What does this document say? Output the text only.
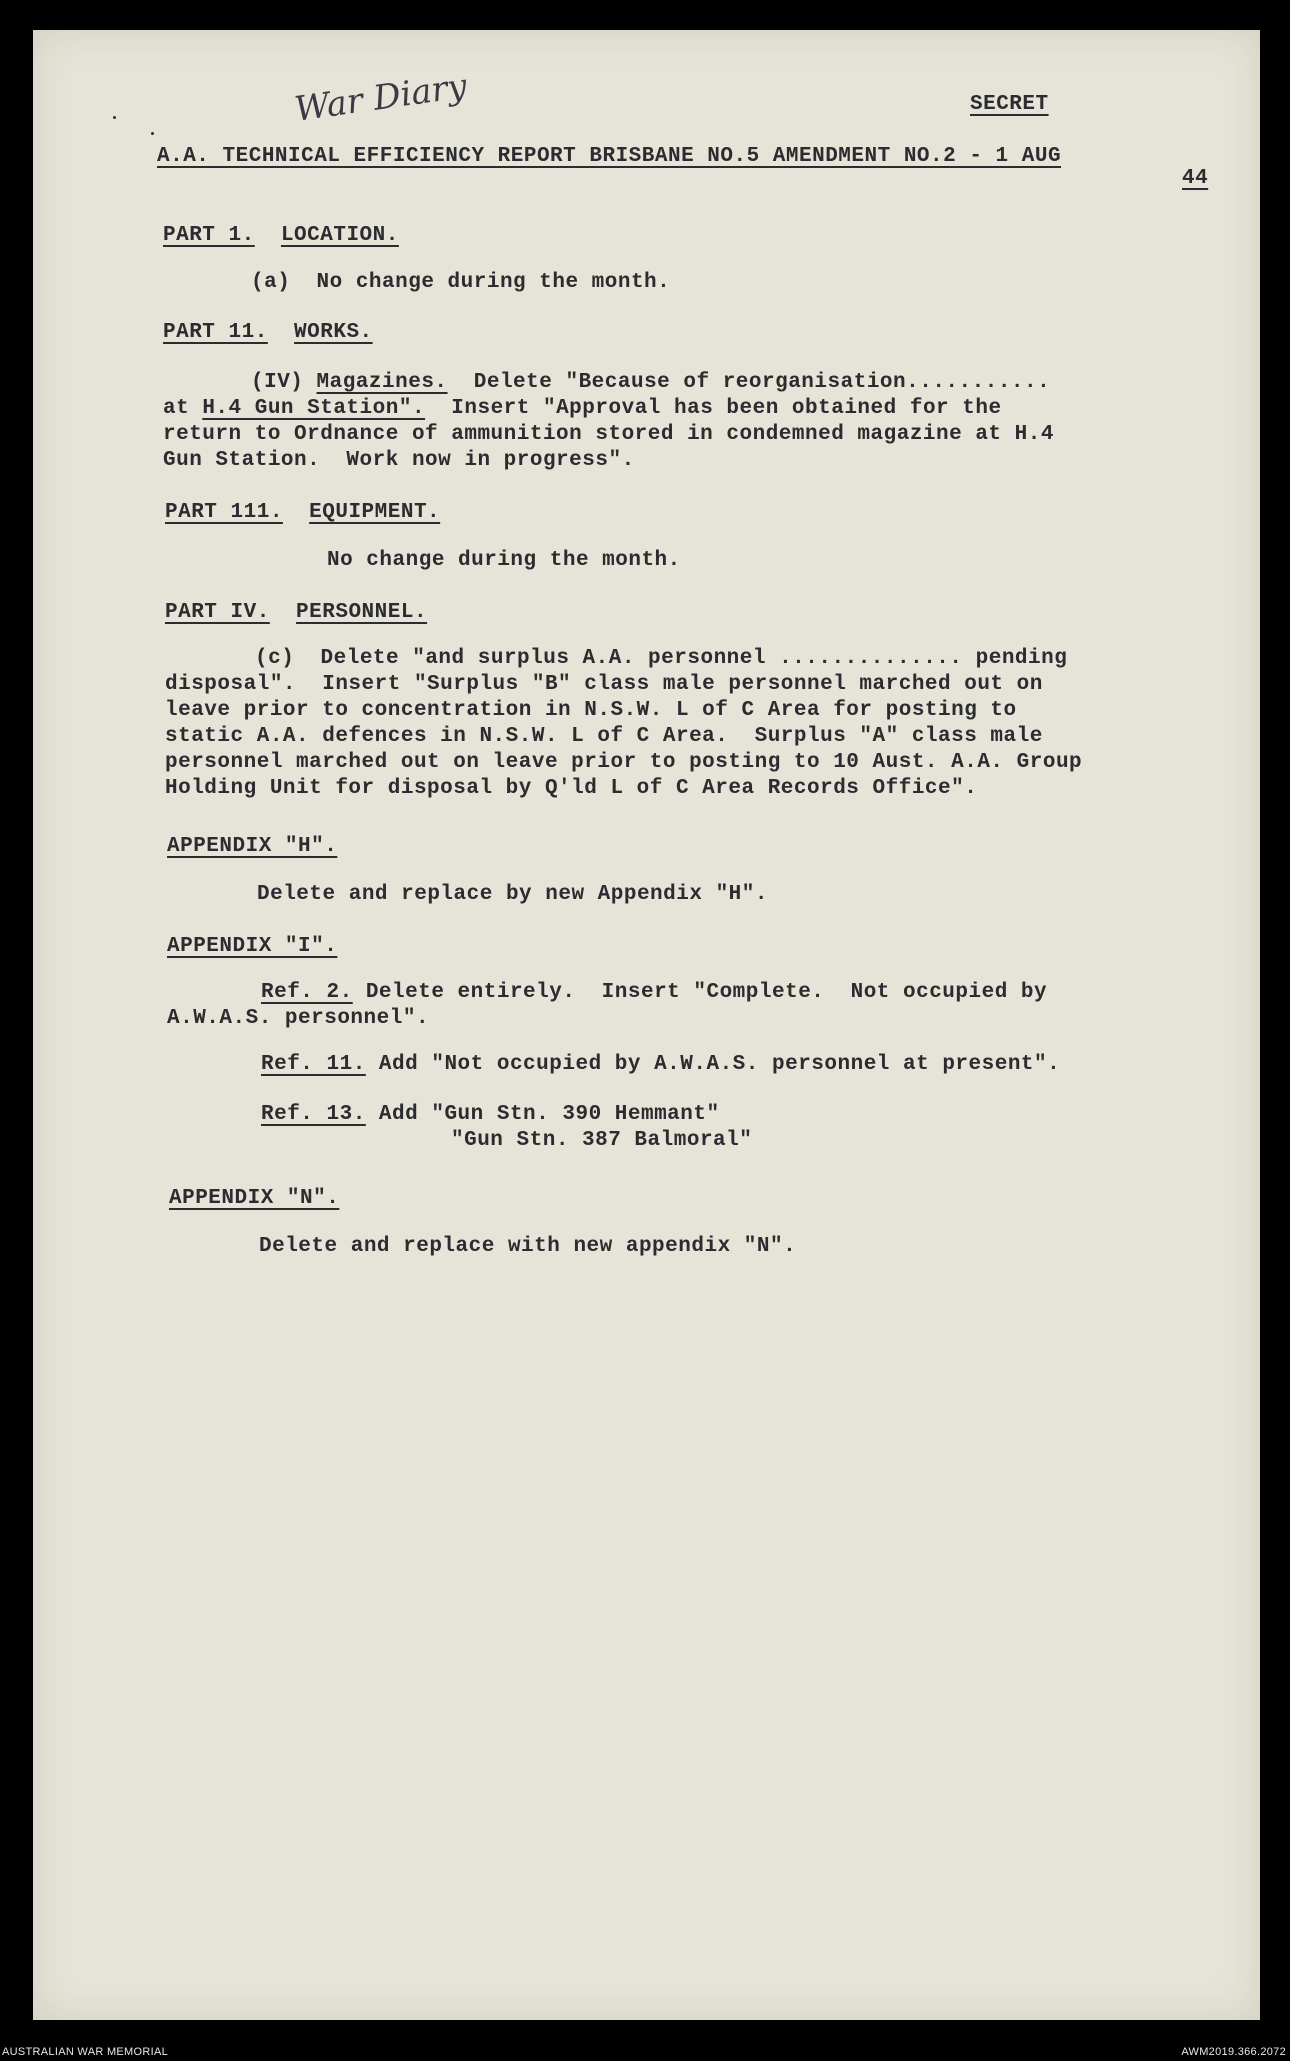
War Diary	SECRET
A.A. TECHNICAL EFFICIENCY REPORT BRISBANE NO.5 AMENDMENT NO.2 - 1 AUG
44
PART 1. LOCATION.
(a)  No change during the month.
PART 11. WORKS.
(IV) Magazines.  Delete "Because of reorganisation...........
at H.4 Gun Station".  Insert "Approval has been obtained for the
return to Ordnance of ammunition stored in condemned magazine at H.4
Gun Station.  Work now in progress".
PART 111. EQUIPMENT.
No change during the month.
PART IV. PERSONNEL.
(c)  Delete "and surplus A.A. personnel .............. pending
disposal".  Insert "Surplus "B" class male personnel marched out on
leave prior to concentration in N.S.W. L of C Area for posting to
static A.A. defences in N.S.W. L of C Area.  Surplus "A" class male
personnel marched out on leave prior to posting to 10 Aust. A.A. Group
Holding Unit for disposal by Q'ld L of C Area Records Office".
APPENDIX "H".
Delete and replace by new Appendix "H".
APPENDIX "I".
Ref. 2. Delete entirely.  Insert "Complete.  Not occupied by
A.W.A.S. personnel".
Ref. 11. Add "Not occupied by A.W.A.S. personnel at present".
Ref. 13. Add "Gun Stn. 390 Hemmant"
"Gun Stn. 387 Balmoral"
APPENDIX "N".
Delete and replace with new appendix "N".
AUSTRALIAN WAR MEMORIAL	AWM2019.366.2072
